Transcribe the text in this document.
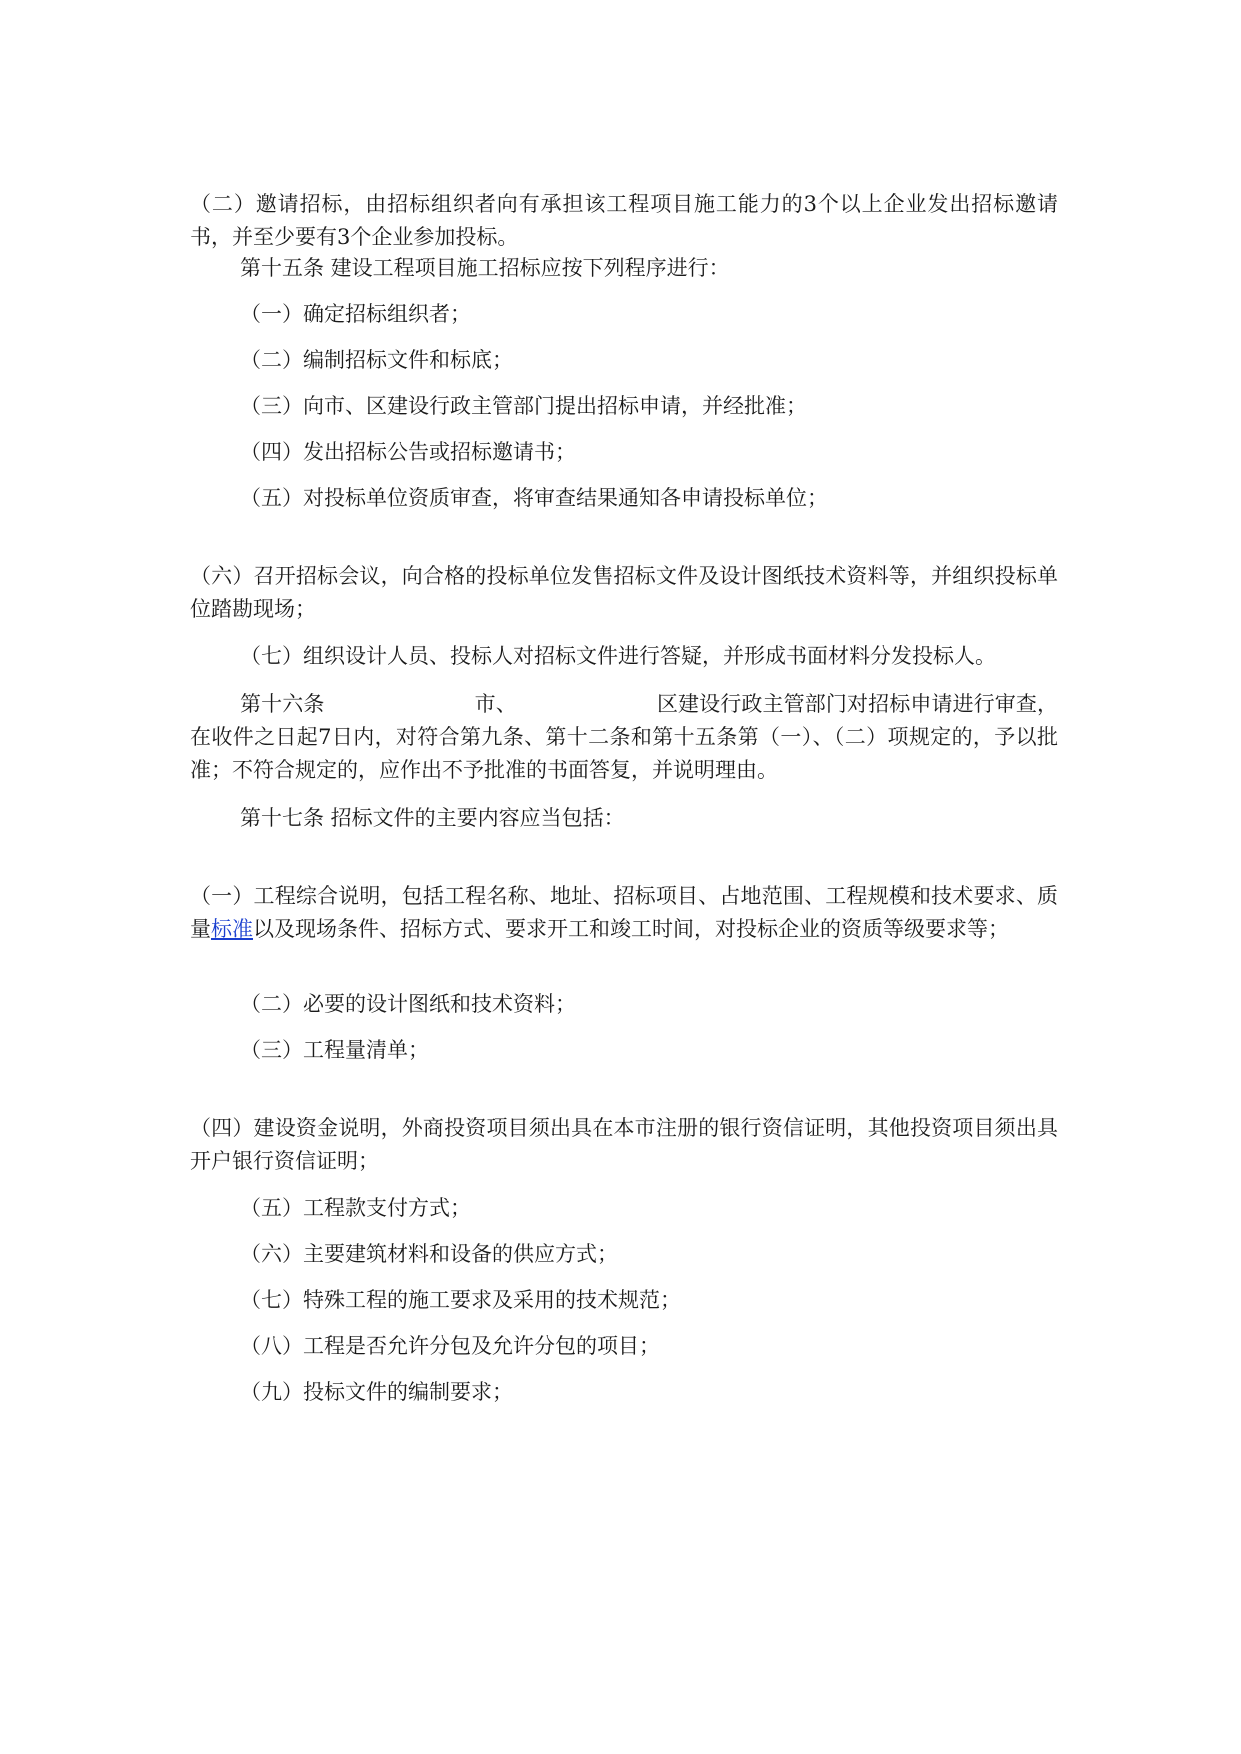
（二）邀请招标，由招标组织者向有承担该工程项目施工能力的3个以上企业发出招标邀请书，并至少要有3个企业参加投标。

第十五条 建设工程项目施工招标应按下列程序进行：

（一）确定招标组织者；

（二）编制招标文件和标底；

（三）向市、区建设行政主管部门提出招标申请，并经批准；

（四）发出招标公告或招标邀请书；

（五）对投标单位资质审查，将审查结果通知各申请投标单位；

（六）召开招标会议，向合格的投标单位发售招标文件及设计图纸技术资料等，并组织投标单位踏勘现场；

（七）组织设计人员、投标人对招标文件进行答疑，并形成书面材料分发投标人。

第十六条	市、	区建设行政主管部门对招标申请进行审查，在收件之日起7日内，对符合第九条、第十二条和第十五条第（一）、（二）项规定的，予以批准；不符合规定的，应作出不予批准的书面答复，并说明理由。

第十七条 招标文件的主要内容应当包括：

（一）工程综合说明，包括工程名称、地址、招标项目、占地范围、工程规模和技术要求、质量标准以及现场条件、招标方式、要求开工和竣工时间，对投标企业的资质等级要求等；

（二）必要的设计图纸和技术资料；

（三）工程量清单；

（四）建设资金说明，外商投资项目须出具在本市注册的银行资信证明，其他投资项目须出具开户银行资信证明；

（五）工程款支付方式；

（六）主要建筑材料和设备的供应方式；

（七）特殊工程的施工要求及采用的技术规范；

（八）工程是否允许分包及允许分包的项目；

（九）投标文件的编制要求；
